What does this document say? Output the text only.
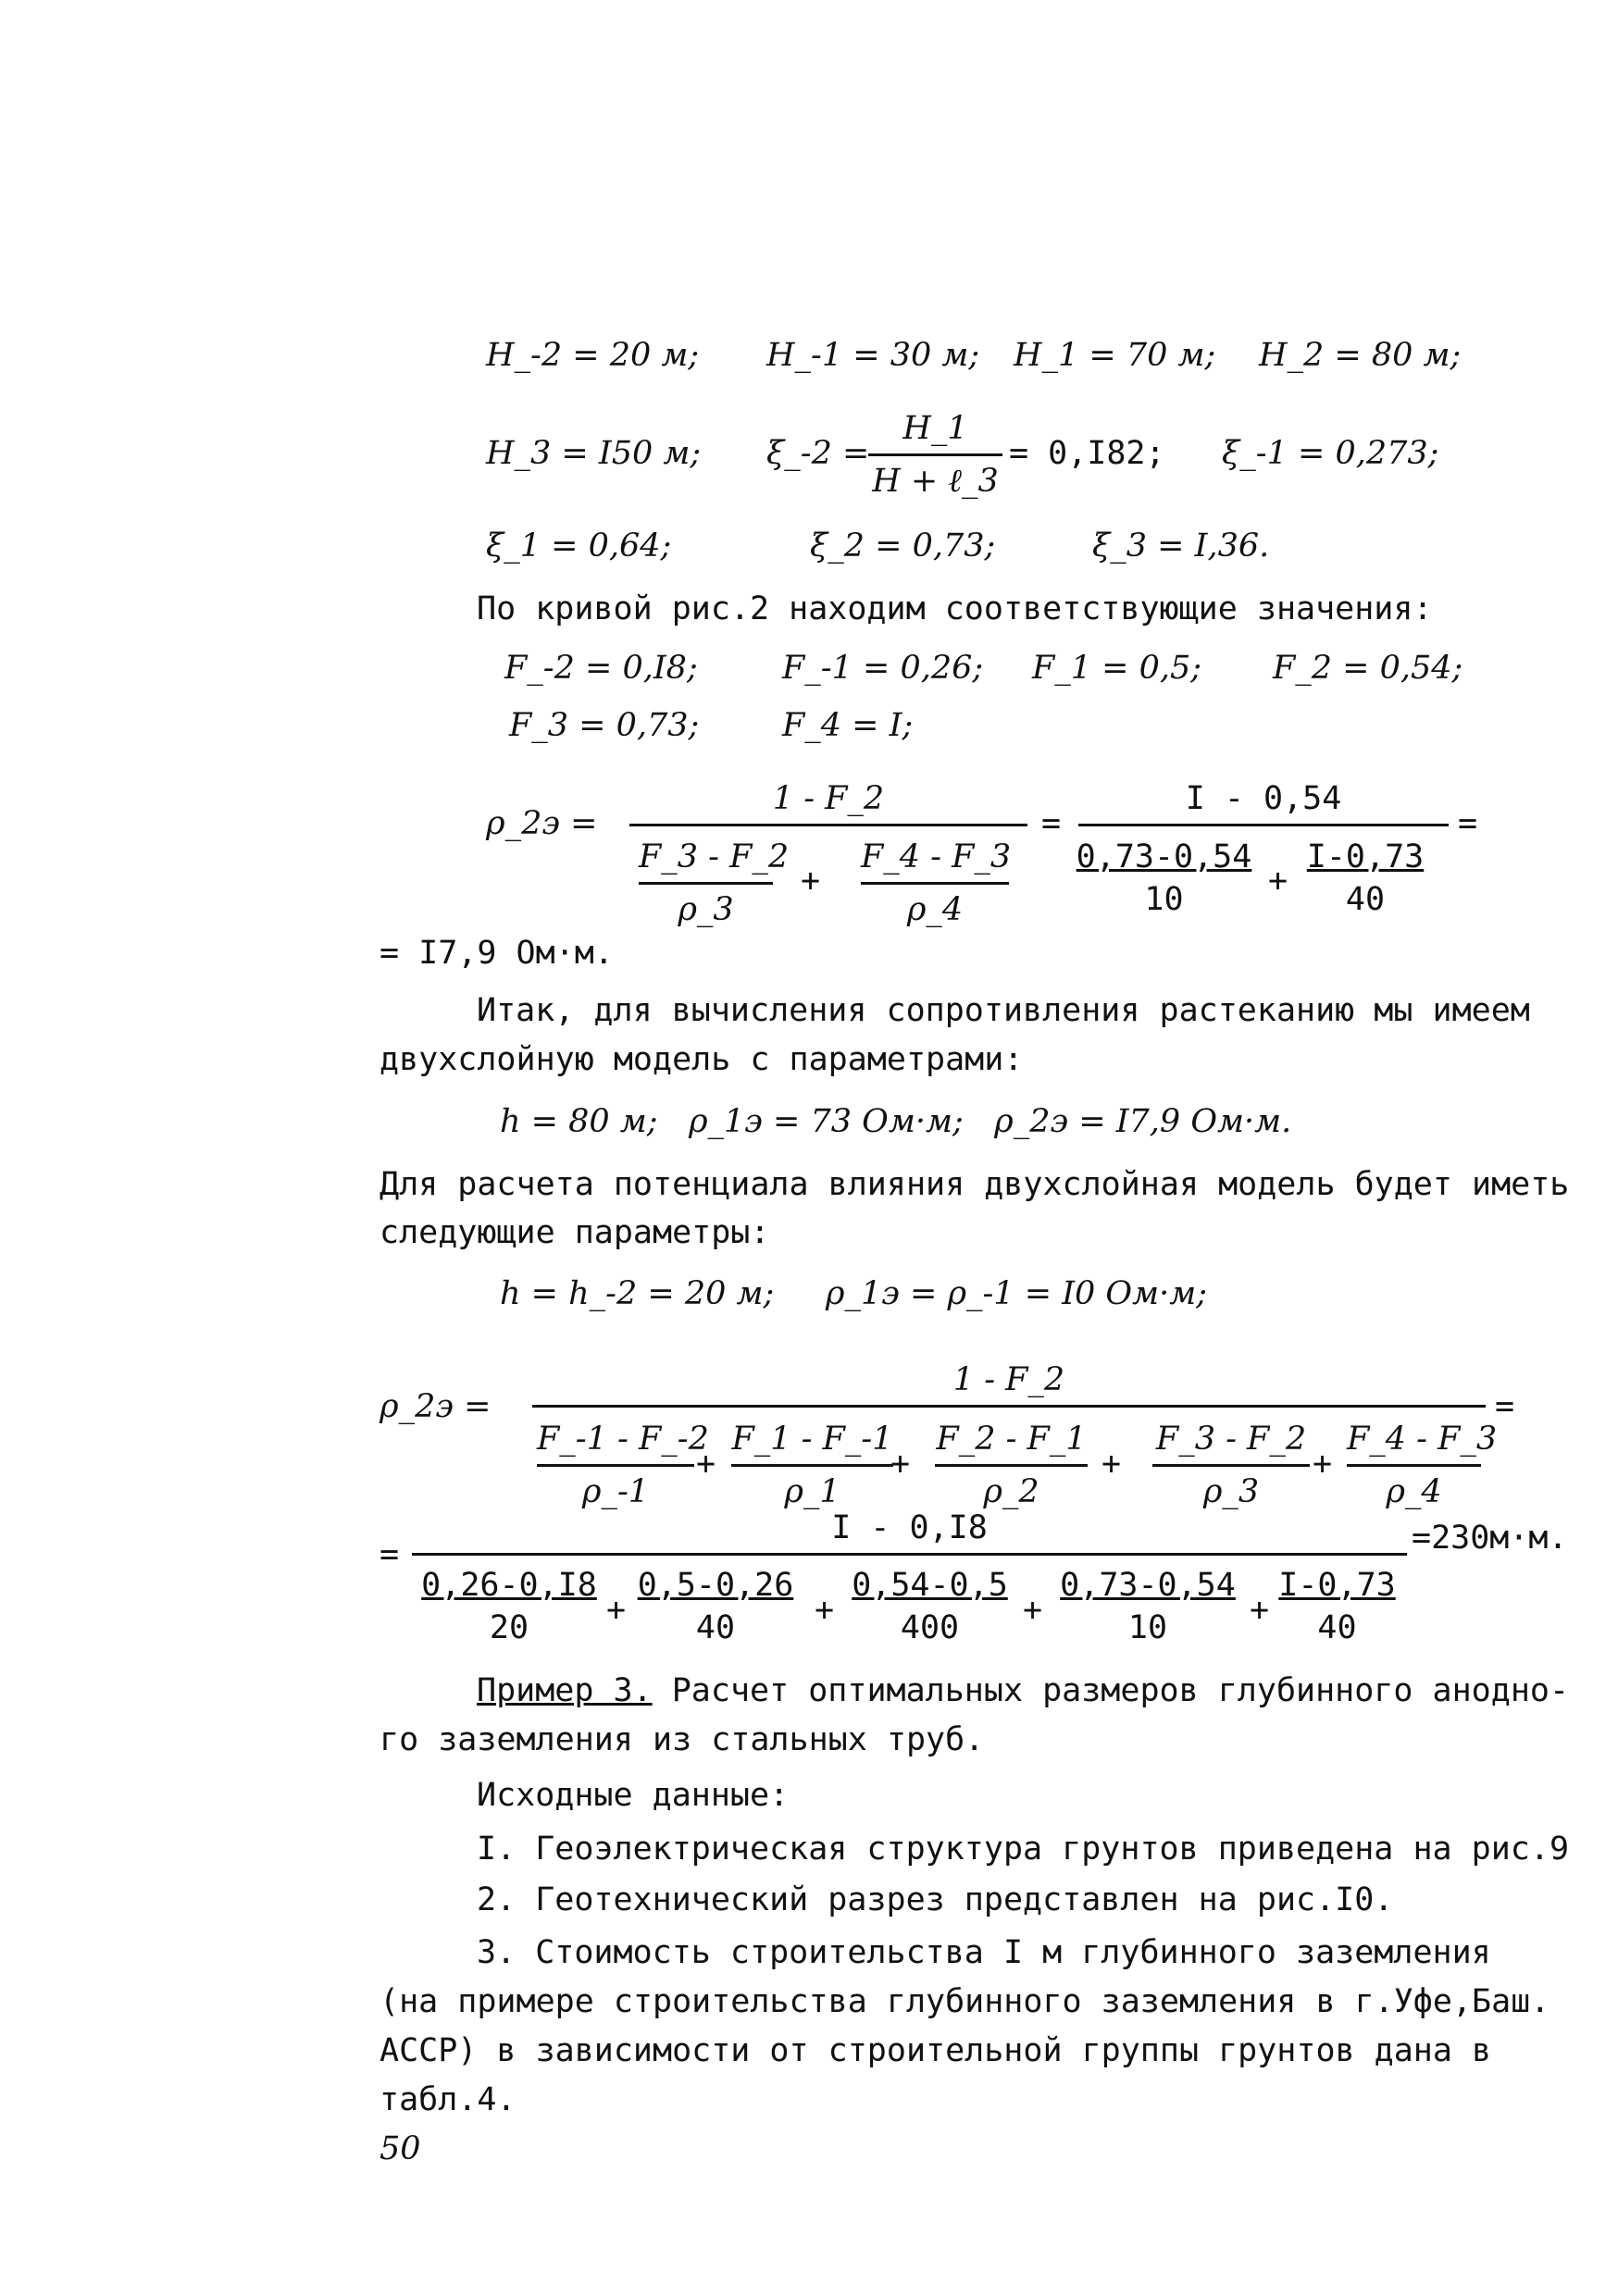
H_-2 = 20 м; H_-1 = 30 м; H_1 = 70 м; H_2 = 80 м;
H_3 = I50 м; ξ_-2 =
H_1
H + ℓ_3
= 0,I82; ξ_-1 = 0,273;
ξ_1 = 0,64;	ξ_2 = 0,73;	ξ_3 = I,36.
По кривой рис.2 находим соответствующие значения:
F_-2 = 0,I8;	F_-1 = 0,26; F_1 = 0,5; F_2 = 0,54;
F_3 = 0,73;	F_4 = I;
ρ_2э =
1 - F_2
F_3 - F_2
ρ_3
+
F_4 - F_3
ρ_4
=
I - 0,54
$\frac{0,73-0,54}{10} + \frac{I-0,73}{40}$
=
= I7,9 Ом·м.
Итак, для вычисления сопротивления растеканию мы имеем
двухслойную модель с параметрами:
h = 80 м;   ρ_1э = 73 Ом·м;   ρ_2э = I7,9 Ом·м.
Для расчета потенциала влияния двухслойная модель будет иметь
следующие параметры:
h = h_-2 = 20 м;     ρ_1э = ρ_-1 = I0 Ом·м;
ρ_2э =
1 - F_2
F_-1 - F_-2
ρ_-1
+
F_1 - F_-1
ρ_1
+
F_2 - F_1
ρ_2
+
F_3 - F_2
ρ_3
+
F_4 - F_3
ρ_4
=
=
I - 0,I8
$\frac{0,26-0,I8}{20} + \frac{0,5-0,26}{40} + \frac{0,54-0,5}{400} + \frac{0,73-0,54}{10} + \frac{I-0,73}{40}$
=230м·м.
Пример 3. Расчет оптимальных размеров глубинного анодно-
го заземления из стальных труб.
Исходные данные:
I. Геоэлектрическая структура грунтов приведена на рис.9
2. Геотехнический разрез представлен на рис.I0.
3. Стоимость строительства I м глубинного заземления
(на примере строительства глубинного заземления в г.Уфе,Баш.
АССР) в зависимости от строительной группы грунтов дана в
табл.4.
50
